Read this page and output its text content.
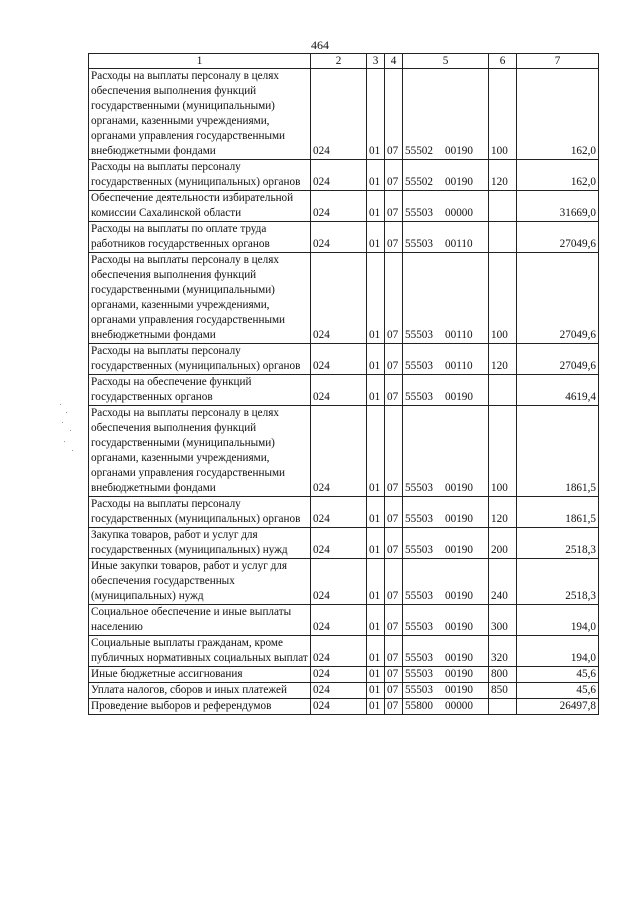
464
1	2	3	4	5	6	7
Расходы на выплаты персоналу в целях обеспечения выполнения функций государственными (муниципальными) органами, казенными учреждениями, органами управления государственными внебюджетными фондами	024	01	07	55502 00190	100	162,0
Расходы на выплаты персоналу государственных (муниципальных) органов	024	01	07	55502 00190	120	162,0
Обеспечение деятельности избирательной комиссии Сахалинской области	024	01	07	55503 00000		31669,0
Расходы на выплаты по оплате труда работников государственных органов	024	01	07	55503 00110		27049,6
Расходы на выплаты персоналу в целях обеспечения выполнения функций государственными (муниципальными) органами, казенными учреждениями, органами управления государственными внебюджетными фондами	024	01	07	55503 00110	100	27049,6
Расходы на выплаты персоналу государственных (муниципальных) органов	024	01	07	55503 00110	120	27049,6
Расходы на обеспечение функций государственных органов	024	01	07	55503 00190		4619,4
Расходы на выплаты персоналу в целях обеспечения выполнения функций государственными (муниципальными) органами, казенными учреждениями, органами управления государственными внебюджетными фондами	024	01	07	55503 00190	100	1861,5
Расходы на выплаты персоналу государственных (муниципальных) органов	024	01	07	55503 00190	120	1861,5
Закупка товаров, работ и услуг для государственных (муниципальных) нужд	024	01	07	55503 00190	200	2518,3
Иные закупки товаров, работ и услуг для обеспечения государственных (муниципальных) нужд	024	01	07	55503 00190	240	2518,3
Социальное обеспечение и иные выплаты населению	024	01	07	55503 00190	300	194,0
Социальные выплаты гражданам, кроме публичных нормативных социальных выплат	024	01	07	55503 00190	320	194,0
Иные бюджетные ассигнования	024	01	07	55503 00190	800	45,6
Уплата налогов, сборов и иных платежей	024	01	07	55503 00190	850	45,6
Проведение выборов и референдумов	024	01	07	55800 00000		26497,8
